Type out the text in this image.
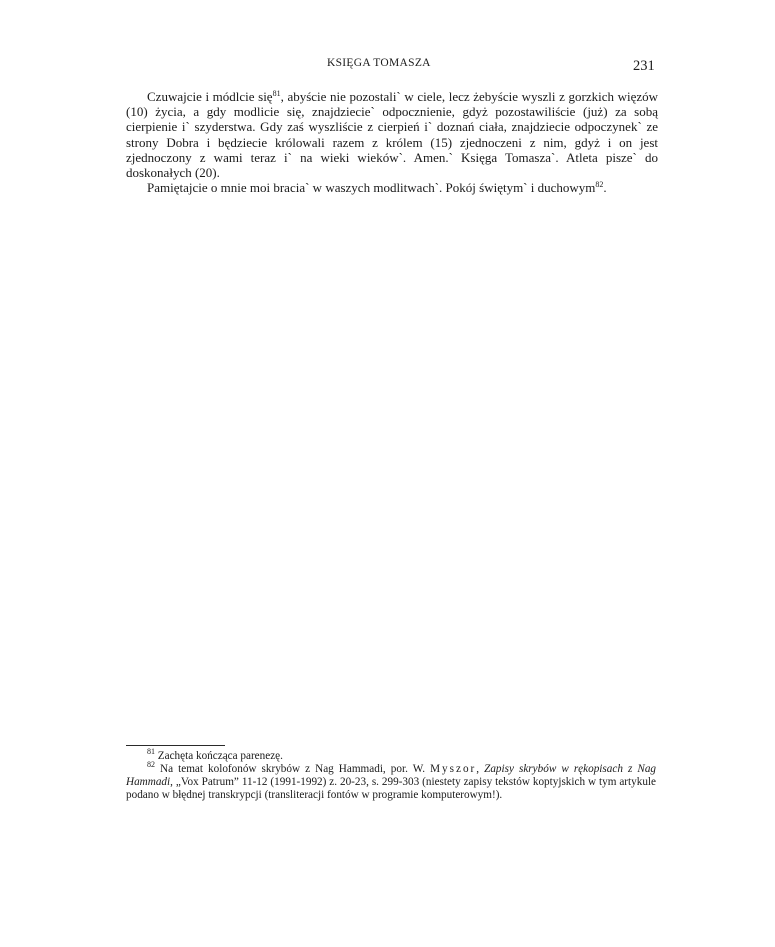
KSIĘGA TOMASZA	231

Czuwajcie i módlcie się$^{81}$, abyście nie pozostali` w ciele, lecz żebyście wyszli z gorzkich więzów (10) życia, a gdy modlicie się, znajdziecie` odpocznienie, gdyż pozostawiliście (już) za sobą cierpienie i` szyderstwa. Gdy zaś wyszliście z cierpień i` doznań ciała, znajdziecie odpoczynek` ze strony Dobra i będziecie królowali razem z królem (15) zjednoczeni z nim, gdyż i on jest zjednoczony z wami teraz i` na wieki wieków`. Amen.` Księga Tomasza`. Atleta pisze` do doskonałych (20).

Pamiętajcie o mnie moi bracia` w waszych modlitwach`. Pokój świętym` i duchowym$^{82}$.

$^{81}$ Zachęta kończąca parenezę.

$^{82}$ Na temat kolofonów skrybów z Nag Hammadi, por. W. Myszor, Zapisy skrybów w rękopisach z Nag Hammadi, „Vox Patrum” 11-12 (1991-1992) z. 20-23, s. 299-303 (niestety zapisy tekstów koptyjskich w tym artykule podano w błędnej transkrypcji (transliteracji fontów w programie komputerowym!).
